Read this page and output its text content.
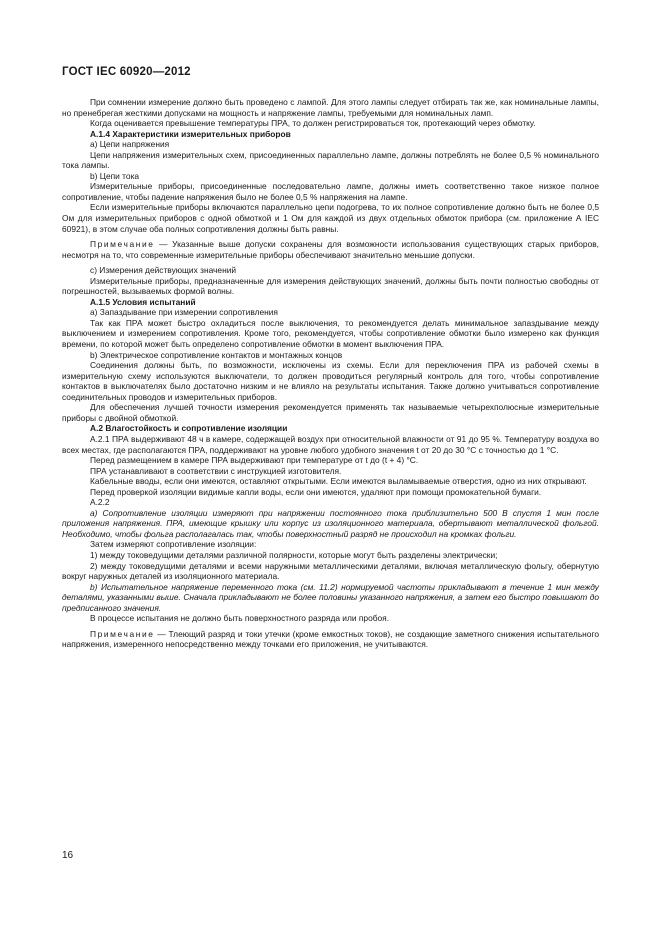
ГОСТ IEC 60920—2012

При сомнении измерение должно быть проведено с лампой. Для этого лампы следует отбирать так же, как номинальные лампы, но пренебрегая жесткими допусками на мощность и напряжение лампы, требуемыми для номинальных ламп.

Когда оценивается превышение температуры ПРА, то должен регистрироваться ток, протекающий через обмотку.

A.1.4 Характеристики измерительных приборов

a) Цепи напряжения

Цепи напряжения измерительных схем, присоединенных параллельно лампе, должны потреблять не более 0,5 % номинального тока лампы.

b) Цепи тока

Измерительные приборы, присоединенные последовательно лампе, должны иметь соответственно такое низкое полное сопротивление, чтобы падение напряжения было не более 0,5 % напряжения на лампе.

Если измерительные приборы включаются параллельно цепи подогрева, то их полное сопротивление должно быть не более 0,5 Ом для измерительных приборов с одной обмоткой и 1 Ом для каждой из двух отдельных обмоток прибора (см. приложение А IEC 60921), в этом случае оба полных сопротивления должны быть равны.

Примечание — Указанные выше допуски сохранены для возможности использования существующих старых приборов, несмотря на то, что современные измерительные приборы обеспечивают значительно меньшие допуски.

c) Измерения действующих значений

Измерительные приборы, предназначенные для измерения действующих значений, должны быть почти полностью свободны от погрешностей, вызываемых формой волны.

A.1.5 Условия испытаний

a) Запаздывание при измерении сопротивления

Так как ПРА может быстро охладиться после выключения, то рекомендуется делать минимальное запаздывание между выключением и измерением сопротивления. Кроме того, рекомендуется, чтобы сопротивление обмотки было измерено как функция времени, по которой может быть определено сопротивление обмотки в момент выключения ПРА.

b) Электрическое сопротивление контактов и монтажных концов

Соединения должны быть, по возможности, исключены из схемы. Если для переключения ПРА из рабочей схемы в измерительную схему используются выключатели, то должен проводиться регулярный контроль для того, чтобы сопротивление контактов в выключателях было достаточно низким и не влияло на результаты испытания. Также должно учитываться сопротивление соединительных проводов и измерительных приборов.

Для обеспечения лучшей точности измерения рекомендуется применять так называемые четырехполюсные измерительные приборы с двойной обмоткой.

A.2 Влагостойкость и сопротивление изоляции

A.2.1 ПРА выдерживают 48 ч в камере, содержащей воздух при относительной влажности от 91 до 95 %. Температуру воздуха во всех местах, где располагаются ПРА, поддерживают на уровне любого удобного значения t от 20 до 30 °C с точностью до 1 °C.

Перед размещением в камере ПРА выдерживают при температуре от t до (t + 4) °C.

ПРА устанавливают в соответствии с инструкцией изготовителя.

Кабельные вводы, если они имеются, оставляют открытыми. Если имеются выламываемые отверстия, одно из них открывают.

Перед проверкой изоляции видимые капли воды, если они имеются, удаляют при помощи промокательной бумаги.

A.2.2

a) Сопротивление изоляции измеряют при напряжении постоянного тока приблизительно 500 В спустя 1 мин после приложения напряжения. ПРА, имеющие крышку или корпус из изоляционного материала, обертывают металлической фольгой. Необходимо, чтобы фольга располагалась так, чтобы поверхностный разряд не происходил на кромках фольги.

Затем измеряют сопротивление изоляции:

1) между токоведущими деталями различной полярности, которые могут быть разделены электрически;

2) между токоведущими деталями и всеми наружными металлическими деталями, включая металлическую фольгу, обернутую вокруг наружных деталей из изоляционного материала.

b) Испытательное напряжение переменного тока (см. 11.2) нормируемой частоты прикладывают в течение 1 мин между деталями, указанными выше. Сначала прикладывают не более половины указанного напряжения, а затем его быстро повышают до предписанного значения.

В процессе испытания не должно быть поверхностного разряда или пробоя.

Примечание — Тлеющий разряд и токи утечки (кроме емкостных токов), не создающие заметного снижения испытательного напряжения, измеренного непосредственно между точками его приложения, не учитываются.

16
